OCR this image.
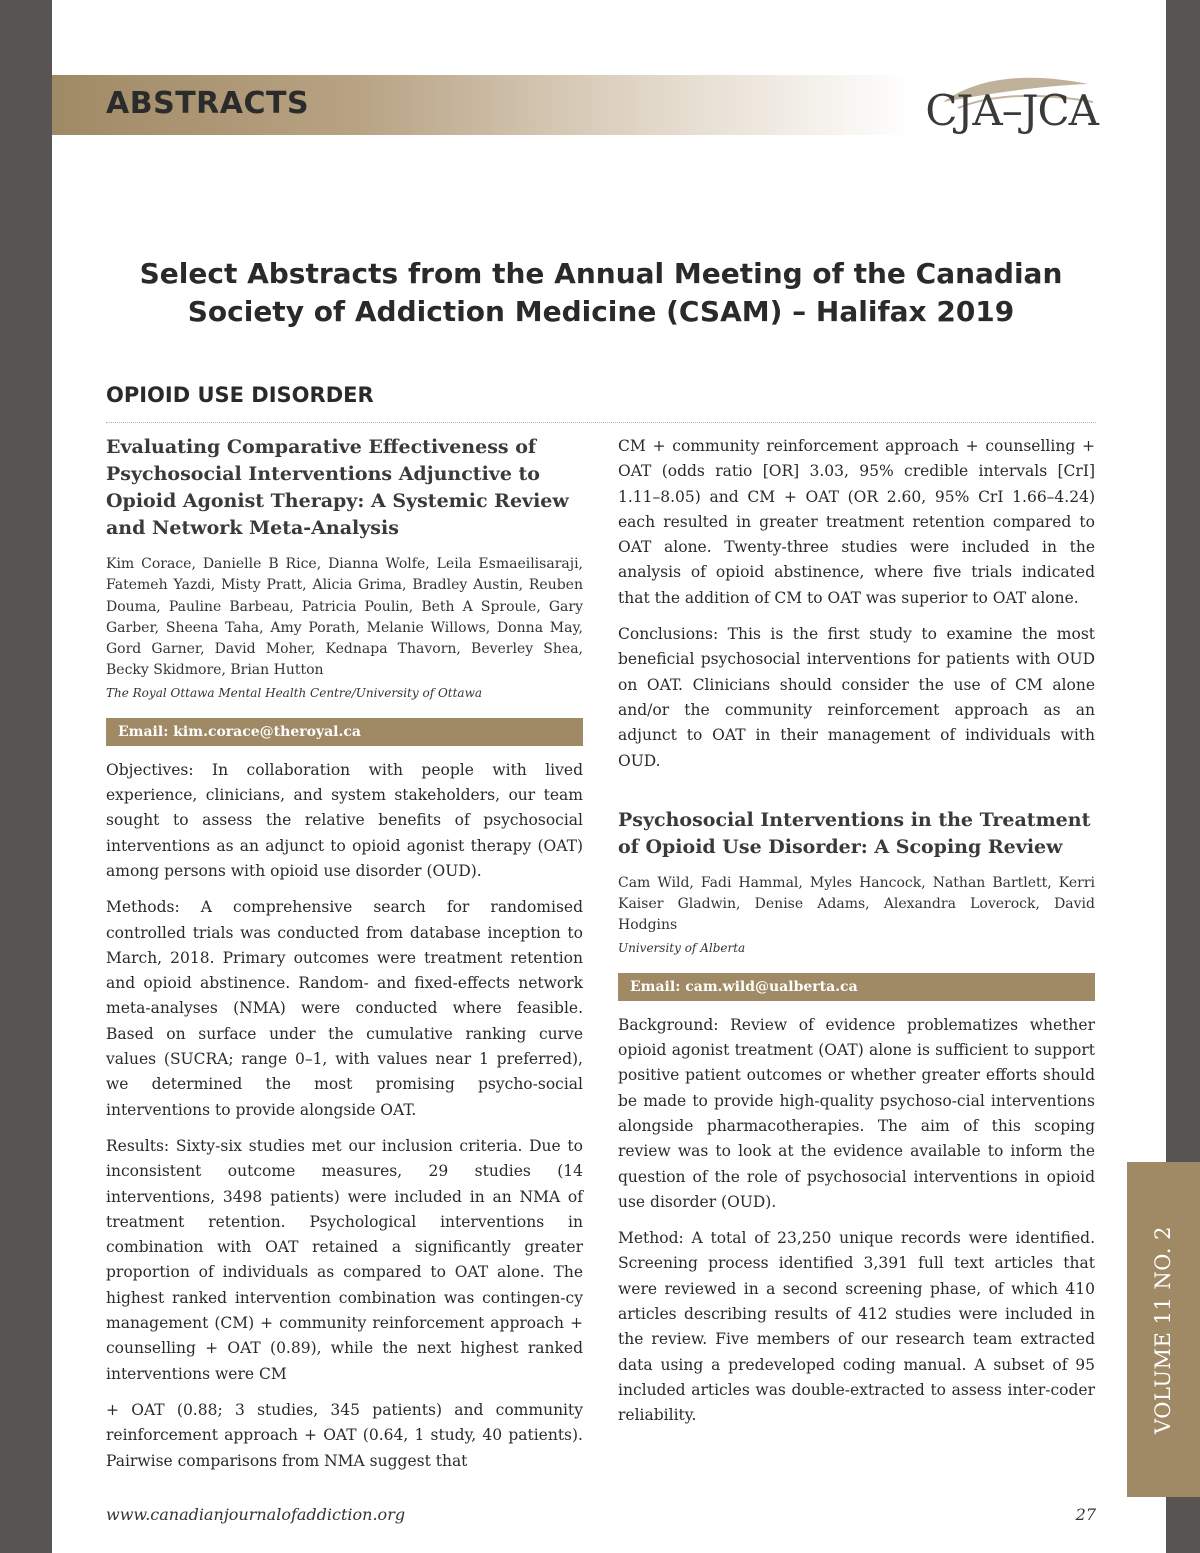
ABSTRACTS	CJA–JCA
Select Abstracts from the Annual Meeting of the Canadian Society of Addiction Medicine (CSAM) – Halifax 2019
OPIOID USE DISORDER
Evaluating Comparative Effectiveness of Psychosocial Interventions Adjunctive to Opioid Agonist Therapy: A Systemic Review and Network Meta-Analysis

Kim Corace, Danielle B Rice, Dianna Wolfe, Leila Esmaeilisaraji, Fatemeh Yazdi, Misty Pratt, Alicia Grima, Bradley Austin, Reuben Douma, Pauline Barbeau, Patricia Poulin, Beth A Sproule, Gary Garber, Sheena Taha, Amy Porath, Melanie Willows, Donna May, Gord Garner, David Moher, Kednapa Thavorn, Beverley Shea, Becky Skidmore, Brian Hutton

The Royal Ottawa Mental Health Centre/University of Ottawa

Email: kim.corace@theroyal.ca

Objectives: In collaboration with people with lived experience, clinicians, and system stakeholders, our team sought to assess the relative benefits of psychosocial interventions as an adjunct to opioid agonist therapy (OAT) among persons with opioid use disorder (OUD).

Methods: A comprehensive search for randomised controlled trials was conducted from database inception to March, 2018. Primary outcomes were treatment retention and opioid abstinence. Random- and fixed-effects network meta-analyses (NMA) were conducted where feasible. Based on surface under the cumulative ranking curve values (SUCRA; range 0–1, with values near 1 preferred), we determined the most promising psycho-social interventions to provide alongside OAT.

Results: Sixty-six studies met our inclusion criteria. Due to inconsistent outcome measures, 29 studies (14 interventions, 3498 patients) were included in an NMA of treatment retention. Psychological interventions in combination with OAT retained a significantly greater proportion of individuals as compared to OAT alone. The highest ranked intervention combination was contingen-cy management (CM) + community reinforcement approach + counselling + OAT (0.89), while the next highest ranked interventions were CM

+ OAT (0.88; 3 studies, 345 patients) and community reinforcement approach + OAT (0.64, 1 study, 40 patients). Pairwise comparisons from NMA suggest that

CM + community reinforcement approach + counselling + OAT (odds ratio [OR] 3.03, 95% credible intervals [CrI] 1.11–8.05) and CM + OAT (OR 2.60, 95% CrI 1.66–4.24) each resulted in greater treatment retention compared to OAT alone. Twenty-three studies were included in the analysis of opioid abstinence, where five trials indicated that the addition of CM to OAT was superior to OAT alone.

Conclusions: This is the first study to examine the most beneficial psychosocial interventions for patients with OUD on OAT. Clinicians should consider the use of CM alone and/or the community reinforcement approach as an adjunct to OAT in their management of individuals with OUD.

Psychosocial Interventions in the Treatment of Opioid Use Disorder: A Scoping Review

Cam Wild, Fadi Hammal, Myles Hancock, Nathan Bartlett, Kerri Kaiser Gladwin, Denise Adams, Alexandra Loverock, David Hodgins

University of Alberta

Email: cam.wild@ualberta.ca

Background: Review of evidence problematizes whether opioid agonist treatment (OAT) alone is sufficient to support positive patient outcomes or whether greater efforts should be made to provide high-quality psychoso-cial interventions alongside pharmacotherapies. The aim of this scoping review was to look at the evidence available to inform the question of the role of psychosocial interventions in opioid use disorder (OUD).

Method: A total of 23,250 unique records were identified. Screening process identified 3,391 full text articles that were reviewed in a second screening phase, of which 410 articles describing results of 412 studies were included in the review. Five members of our research team extracted data using a predeveloped coding manual. A subset of 95 included articles was double-extracted to assess inter-coder reliability.	VOLUME 11 NO. 2
www.canadianjournalofaddiction.org	27
